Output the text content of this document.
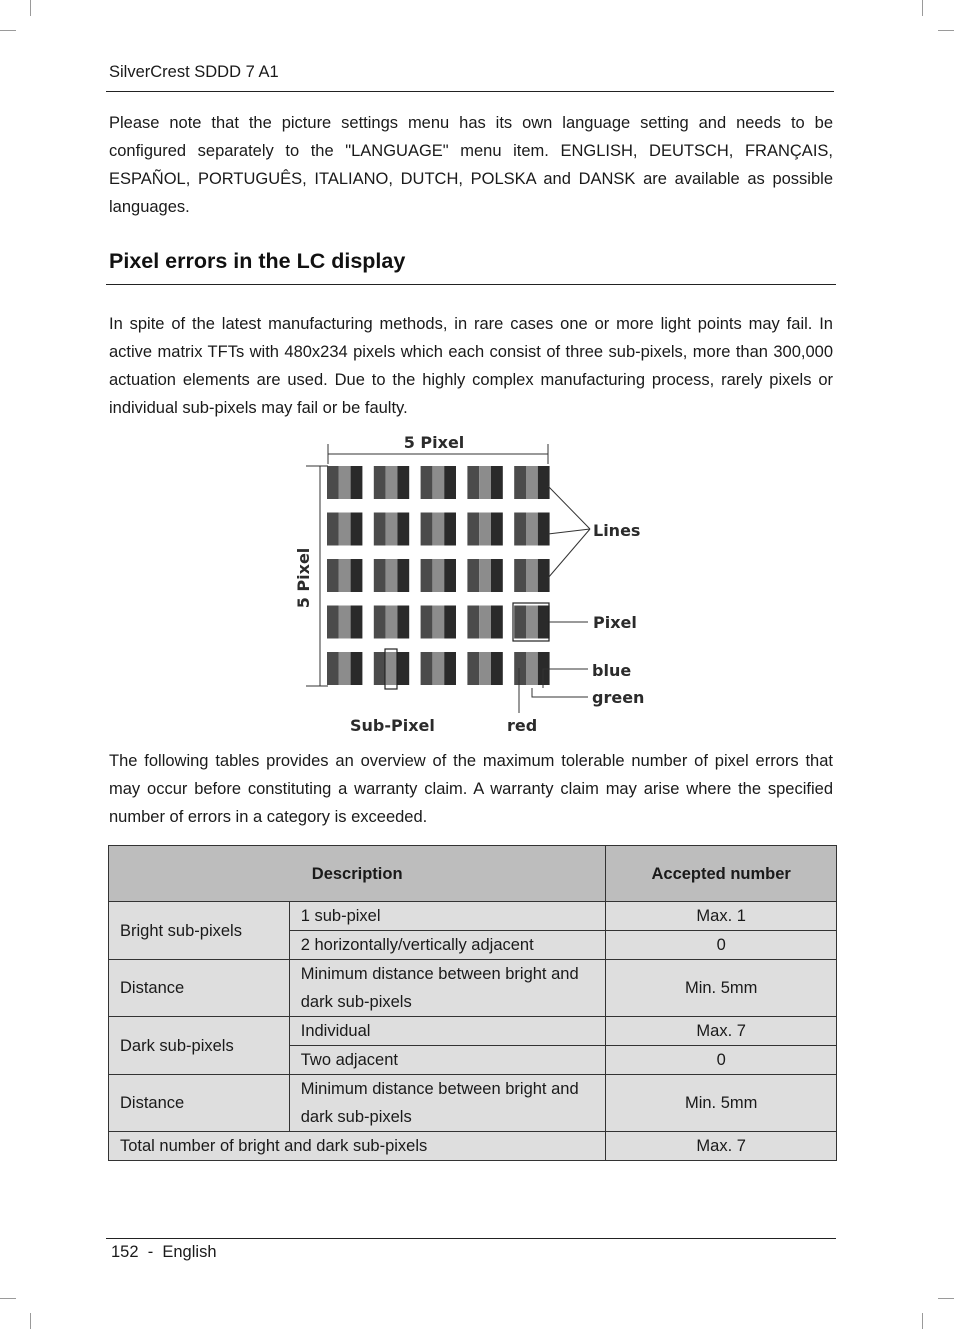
SilverCrest SDDD 7 A1

Please note that the picture settings menu has its own language setting and needs to be configured separately to the "LANGUAGE" menu item. ENGLISH, DEUTSCH, FRANÇAIS, ESPAÑOL, PORTUGUÊS, ITALIANO, DUTCH, POLSKA and DANSK are available as possible languages.

Pixel errors in the LC display

In spite of the latest manufacturing methods, in rare cases one or more light points may fail. In active matrix TFTs with 480x234 pixels which each consist of three sub-pixels, more than 300,000 actuation elements are used. Due to the highly complex manufacturing process, rarely pixels or individual sub-pixels may fail or be faulty.

5 Pixel
5 Pixel
Lines
Pixel
blue
green
red
Sub-Pixel

The following tables provides an overview of the maximum tolerable number of pixel errors that may occur before constituting a warranty claim. A warranty claim may arise where the specified number of errors in a category is exceeded.

Description		Accepted number
Bright sub-pixels	1 sub-pixel	Max. 1
	2 horizontally/vertically adjacent	0
Distance	Minimum distance between bright and dark sub-pixels	Min. 5mm
Dark sub-pixels	Individual	Max. 7
	Two adjacent	0
Distance	Minimum distance between bright and dark sub-pixels	Min. 5mm
Total number of bright and dark sub-pixels		Max. 7
152 - English
